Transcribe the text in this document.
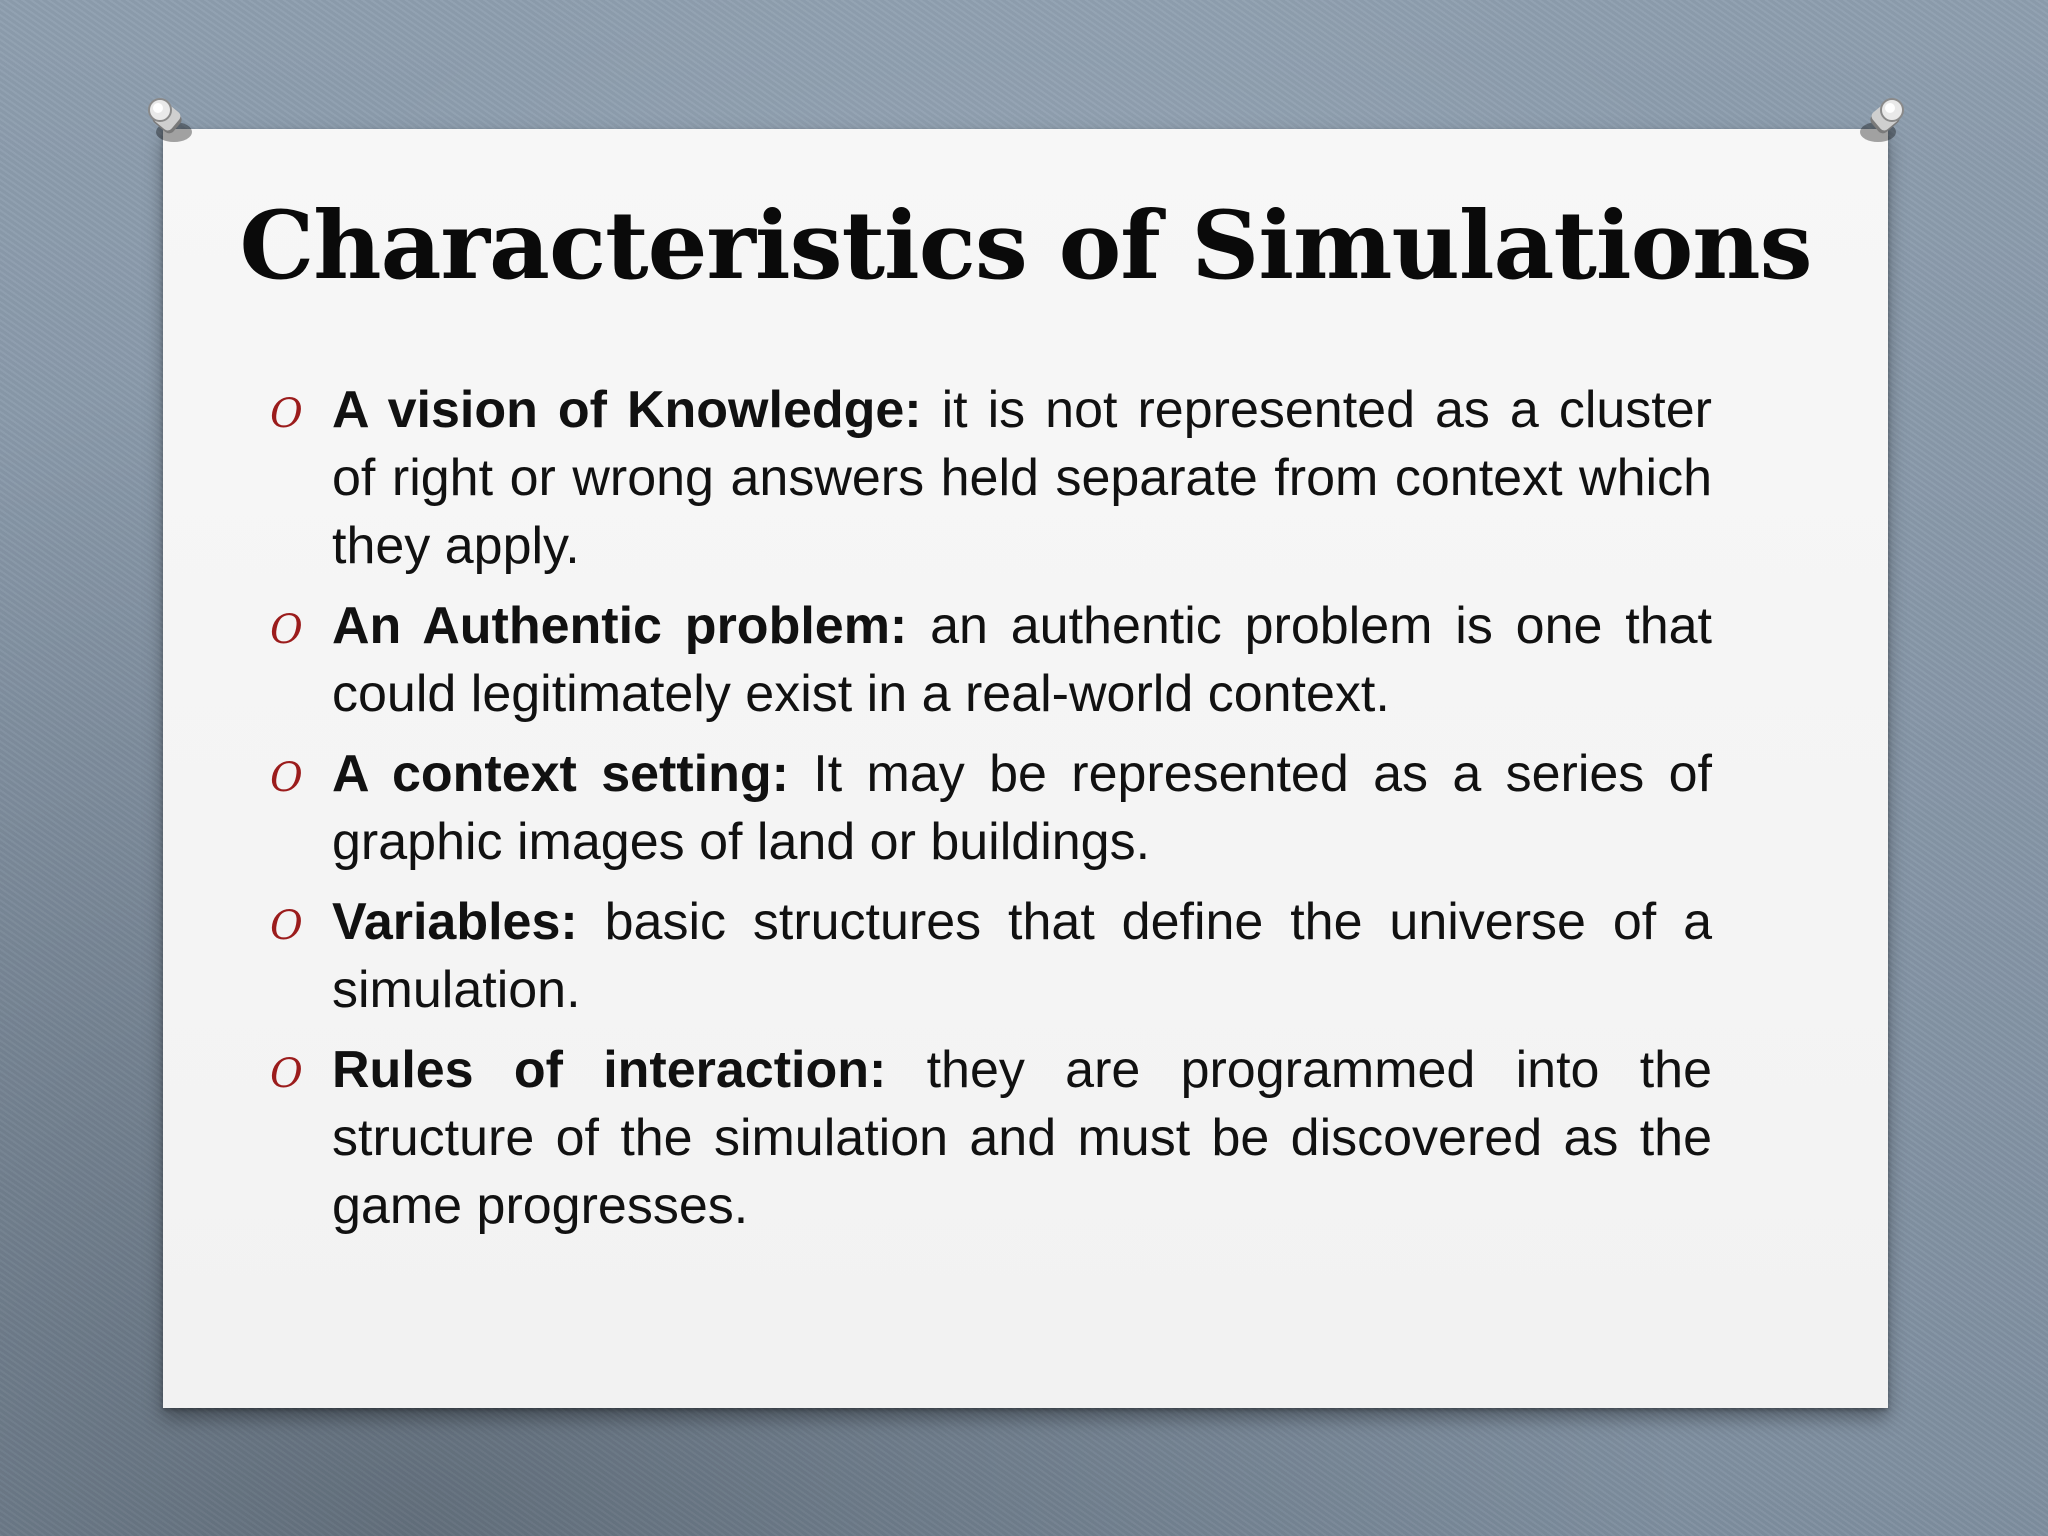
Characteristics of Simulations
O A vision of Knowledge: it is not represented as a cluster of right or wrong answers held separate from context which they apply.
O An Authentic problem: an authentic problem is one that could legitimately exist in a real-world context.
O A context setting: It may be represented as a series of graphic images of land or buildings.
O Variables: basic structures that define the universe of a simulation.
O Rules of interaction: they are programmed into the structure of the simulation and must be discovered as the game progresses.
